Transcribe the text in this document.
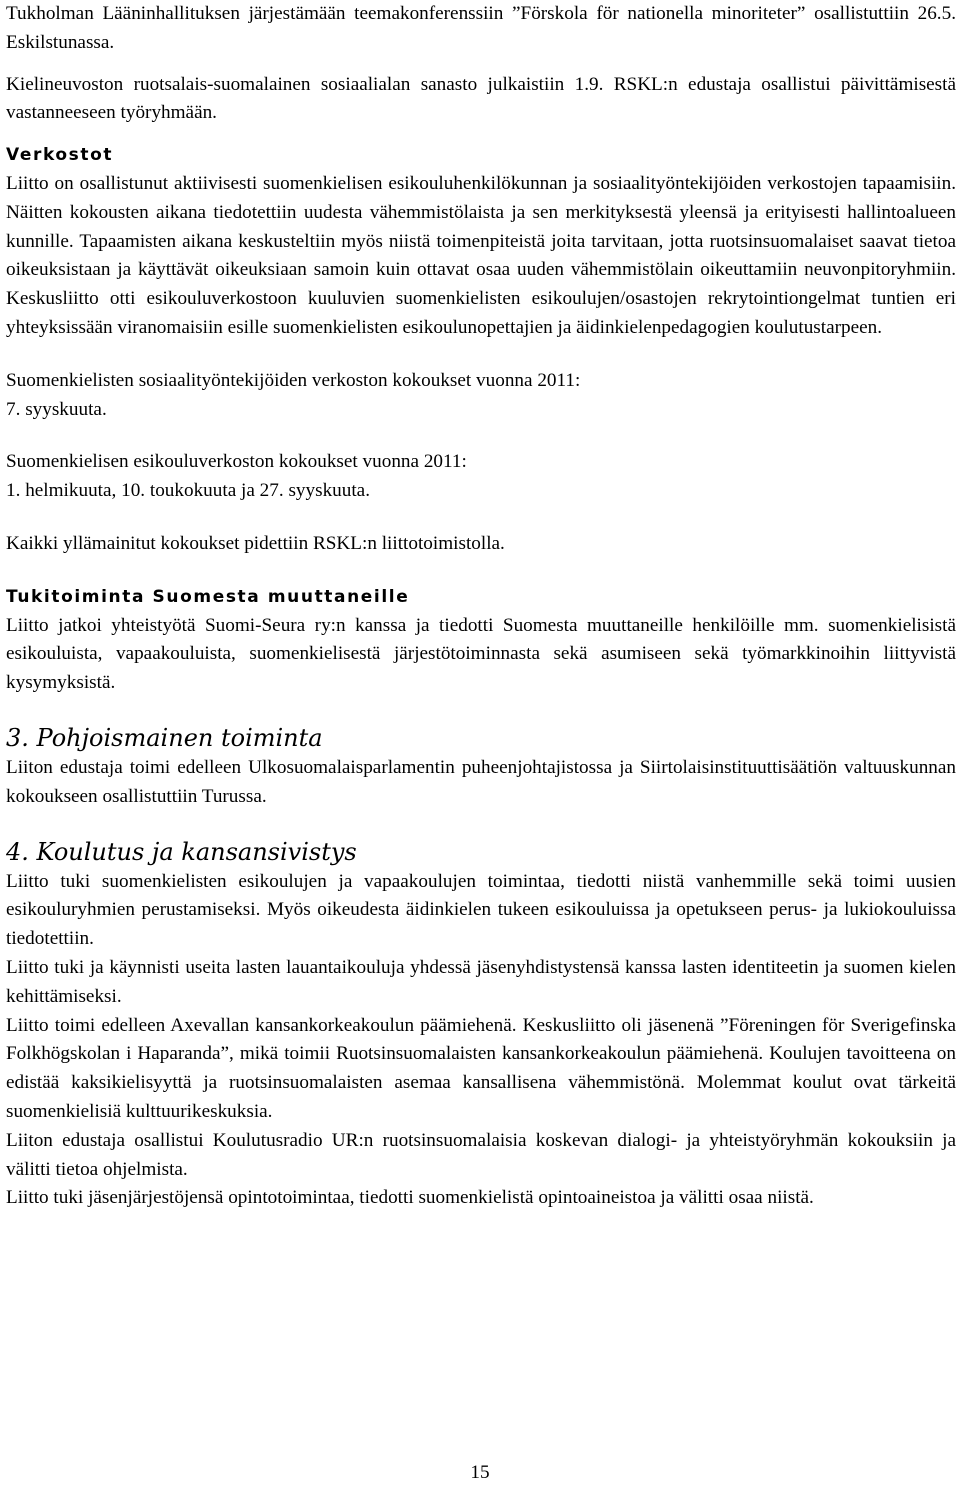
Tukholman Lääninhallituksen järjestämään teemakonferenssiin ”Förskola för nationella minoriteter” osallistuttiin 26.5. Eskilstunassa.

Kielineuvoston ruotsalais-suomalainen sosiaalialan sanasto julkaistiin 1.9. RSKL:n edustaja osallistui päivittämisestä vastanneeseen työryhmään.

Verkostot

Liitto on osallistunut aktiivisesti suomenkielisen esikouluhenkilökunnan ja sosiaalityöntekijöiden verkostojen tapaamisiin. Näitten kokousten aikana tiedotettiin uudesta vähemmistölaista ja sen merkityksestä yleensä ja erityisesti hallintoalueen kunnille. Tapaamisten aikana keskusteltiin myös niistä toimenpiteistä joita tarvitaan, jotta ruotsinsuomalaiset saavat tietoa oikeuksistaan ja käyttävät oikeuksiaan samoin kuin ottavat osaa uuden vähemmistölain oikeuttamiin neuvonpitoryhmiin. Keskusliitto otti esikouluverkostoon kuuluvien suomenkielisten esikoulujen/osastojen rekrytointiongelmat tuntien eri yhteyksissään viranomaisiin esille suomenkielisten esikoulunopettajien ja äidinkielenpedagogien koulutustarpeen.

Suomenkielisten sosiaalityöntekijöiden verkoston kokoukset vuonna 2011:

7. syyskuuta.

Suomenkielisen esikouluverkoston kokoukset vuonna 2011:

1. helmikuuta, 10. toukokuuta ja 27. syyskuuta.

Kaikki yllämainitut kokoukset pidettiin RSKL:n liittotoimistolla.

Tukitoiminta Suomesta muuttaneille

Liitto jatkoi yhteistyötä Suomi-Seura ry:n kanssa ja tiedotti Suomesta muuttaneille henkilöille mm. suomenkielisistä esikouluista, vapaakouluista, suomenkielisestä järjestötoiminnasta sekä asumiseen sekä työmarkkinoihin liittyvistä kysymyksistä.

3. Pohjoismainen toiminta

Liiton edustaja toimi edelleen Ulkosuomalaisparlamentin puheenjohtajistossa ja Siirtolaisinstituuttisäätiön valtuuskunnan kokoukseen osallistuttiin Turussa.

4. Koulutus ja kansansivistys

Liitto tuki suomenkielisten esikoulujen ja vapaakoulujen toimintaa, tiedotti niistä vanhemmille sekä toimi uusien esikouluryhmien perustamiseksi. Myös oikeudesta äidinkielen tukeen esikouluissa ja opetukseen perus- ja lukiokouluissa tiedotettiin.

Liitto tuki ja käynnisti useita lasten lauantaikouluja yhdessä jäsenyhdistystensä kanssa lasten identiteetin ja suomen kielen kehittämiseksi.

Liitto toimi edelleen Axevallan kansankorkeakoulun päämiehenä. Keskusliitto oli jäsenenä ”Föreningen för Sverigefinska Folkhögskolan i Haparanda”, mikä toimii Ruotsinsuomalaisten kansankorkeakoulun päämiehenä. Koulujen tavoitteena on edistää kaksikielisyyttä ja ruotsinsuomalaisten asemaa kansallisena vähemmistönä. Molemmat koulut ovat tärkeitä suomenkielisiä kulttuurikeskuksia.

Liiton edustaja osallistui Koulutusradio UR:n ruotsinsuomalaisia koskevan dialogi- ja yhteistyöryhmän kokouksiin ja välitti tietoa ohjelmista.

Liitto tuki jäsenjärjestöjensä opintotoimintaa, tiedotti suomenkielistä opintoaineistoa ja välitti osaa niistä.

15
